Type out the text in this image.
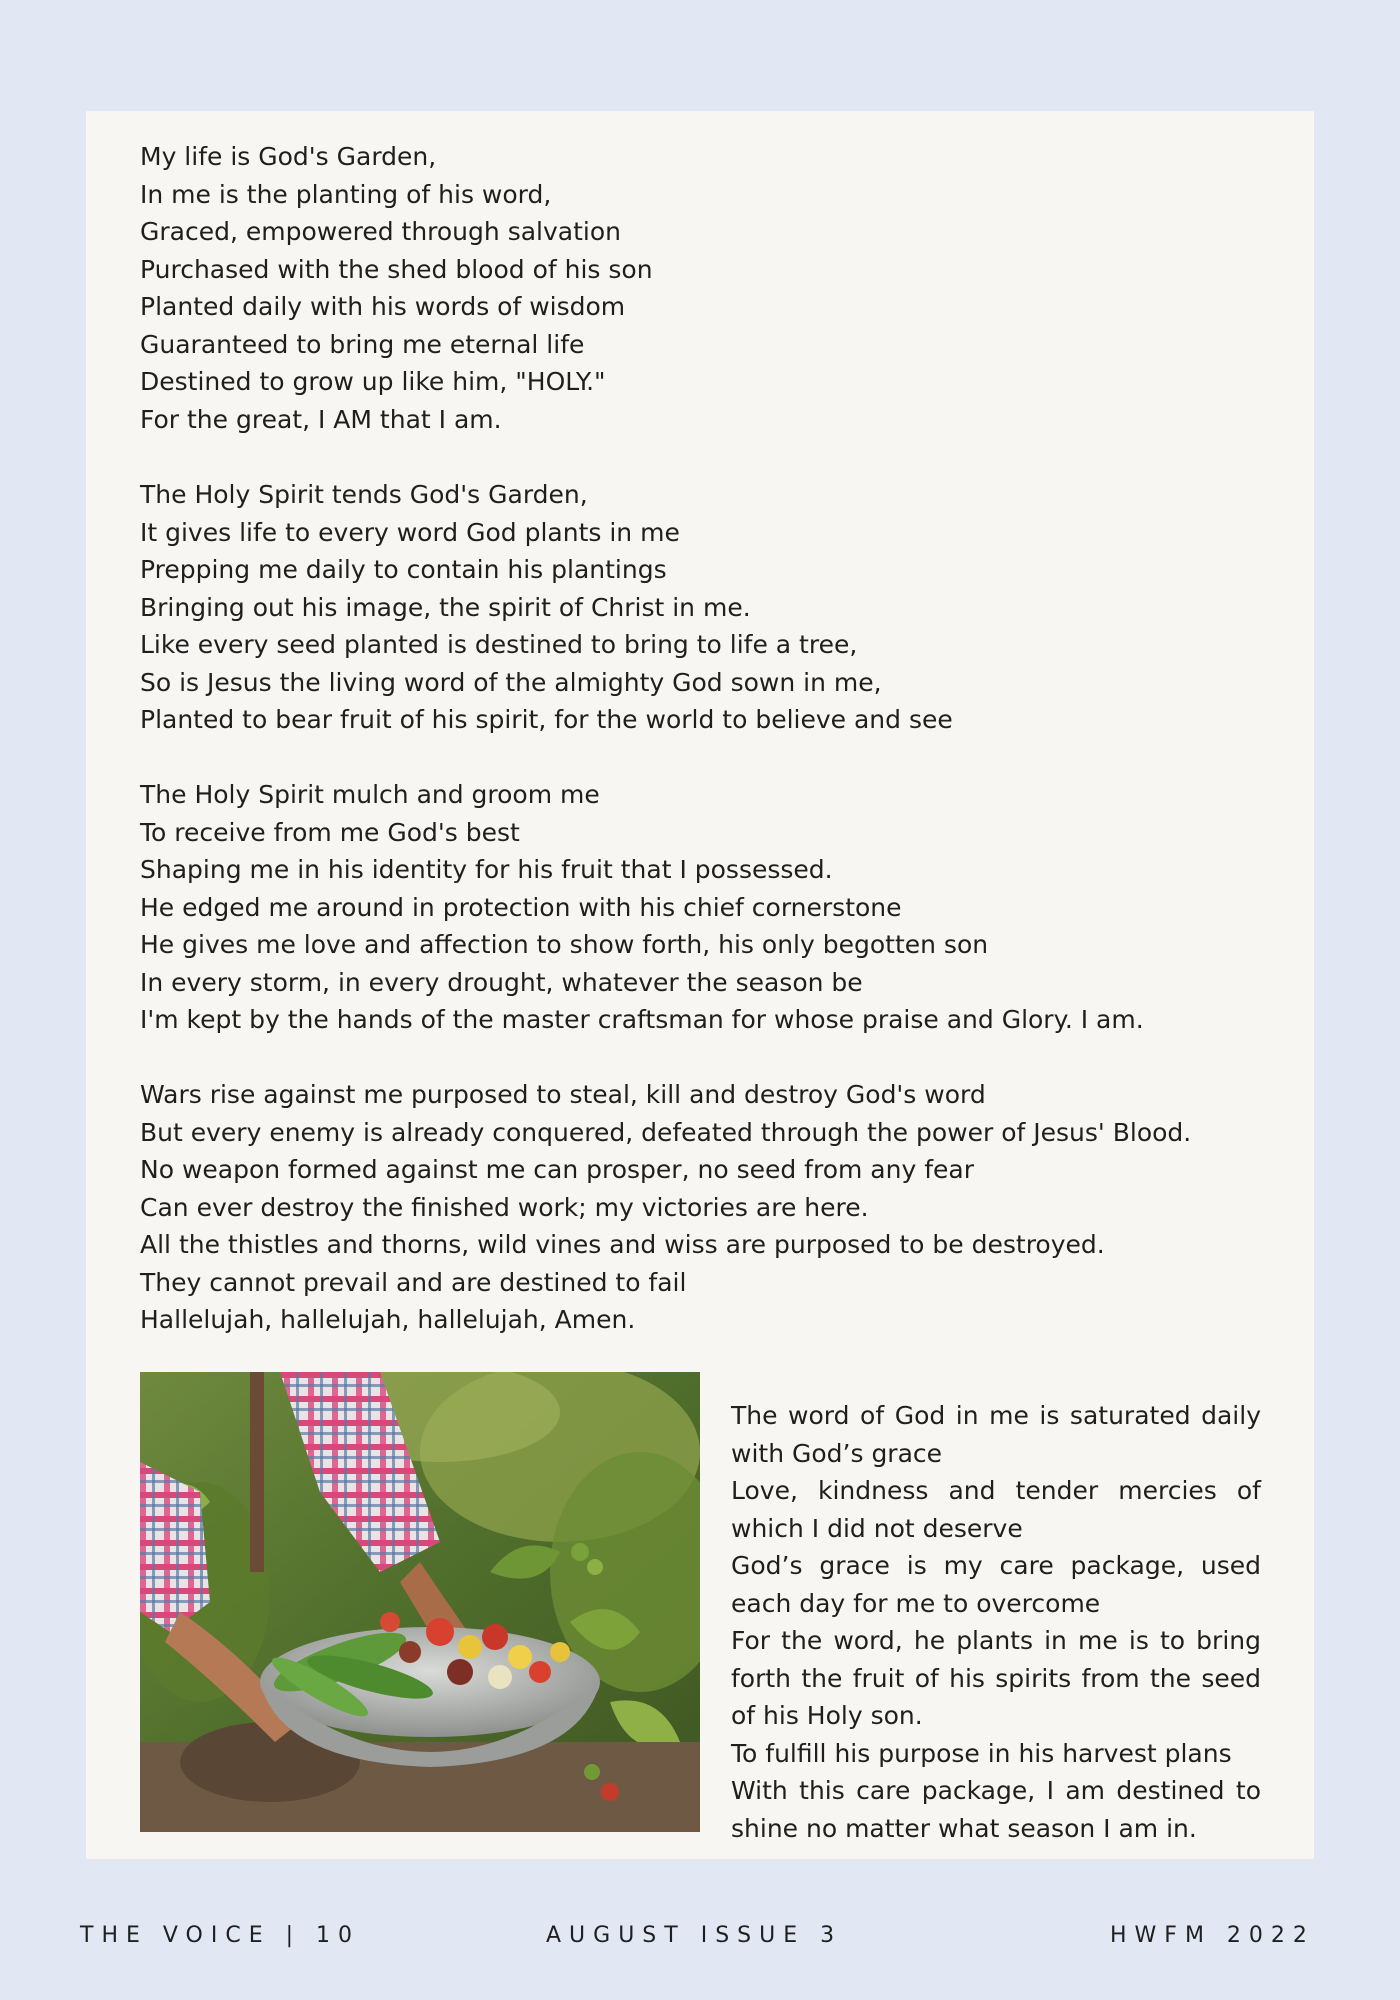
My life is God's Garden,
In me is the planting of his word,
Graced, empowered through salvation
Purchased with the shed blood of his son
Planted daily with his words of wisdom
Guaranteed to bring me eternal life
Destined to grow up like him, "HOLY."
For the great, I AM that I am.
The Holy Spirit tends God's Garden,
It gives life to every word God plants in me
Prepping me daily to contain his plantings
Bringing out his image, the spirit of Christ in me.
Like every seed planted is destined to bring to life a tree,
So is Jesus the living word of the almighty God sown in me,
Planted to bear fruit of his spirit, for the world to believe and see
The Holy Spirit mulch and groom me
To receive from me God's best
Shaping me in his identity for his fruit that I possessed.
He edged me around in protection with his chief cornerstone
He gives me love and affection to show forth, his only begotten son
In every storm, in every drought, whatever the season be
I'm kept by the hands of the master craftsman for whose praise and Glory. I am.
Wars rise against me purposed to steal, kill and destroy God's word
But every enemy is already conquered, defeated through the power of Jesus' Blood.
No weapon formed against me can prosper, no seed from any fear
Can ever destroy the finished work; my victories are here.
All the thistles and thorns, wild vines and wiss are purposed to be destroyed.
They cannot prevail and are destined to fail
Hallelujah, hallelujah, hallelujah, Amen.

The word of God in me is saturated daily
with God’s grace
Love, kindness and tender mercies of
which I did not deserve
God’s grace is my care package, used
each day for me to overcome
For the word, he plants in me is to bring
forth the fruit of his spirits from the seed
of his Holy son.
To fulfill his purpose in his harvest plans
With this care package, I am destined to
shine no matter what season I am in.

THE VOICE | 10	AUGUST ISSUE 3	HWFM 2022
